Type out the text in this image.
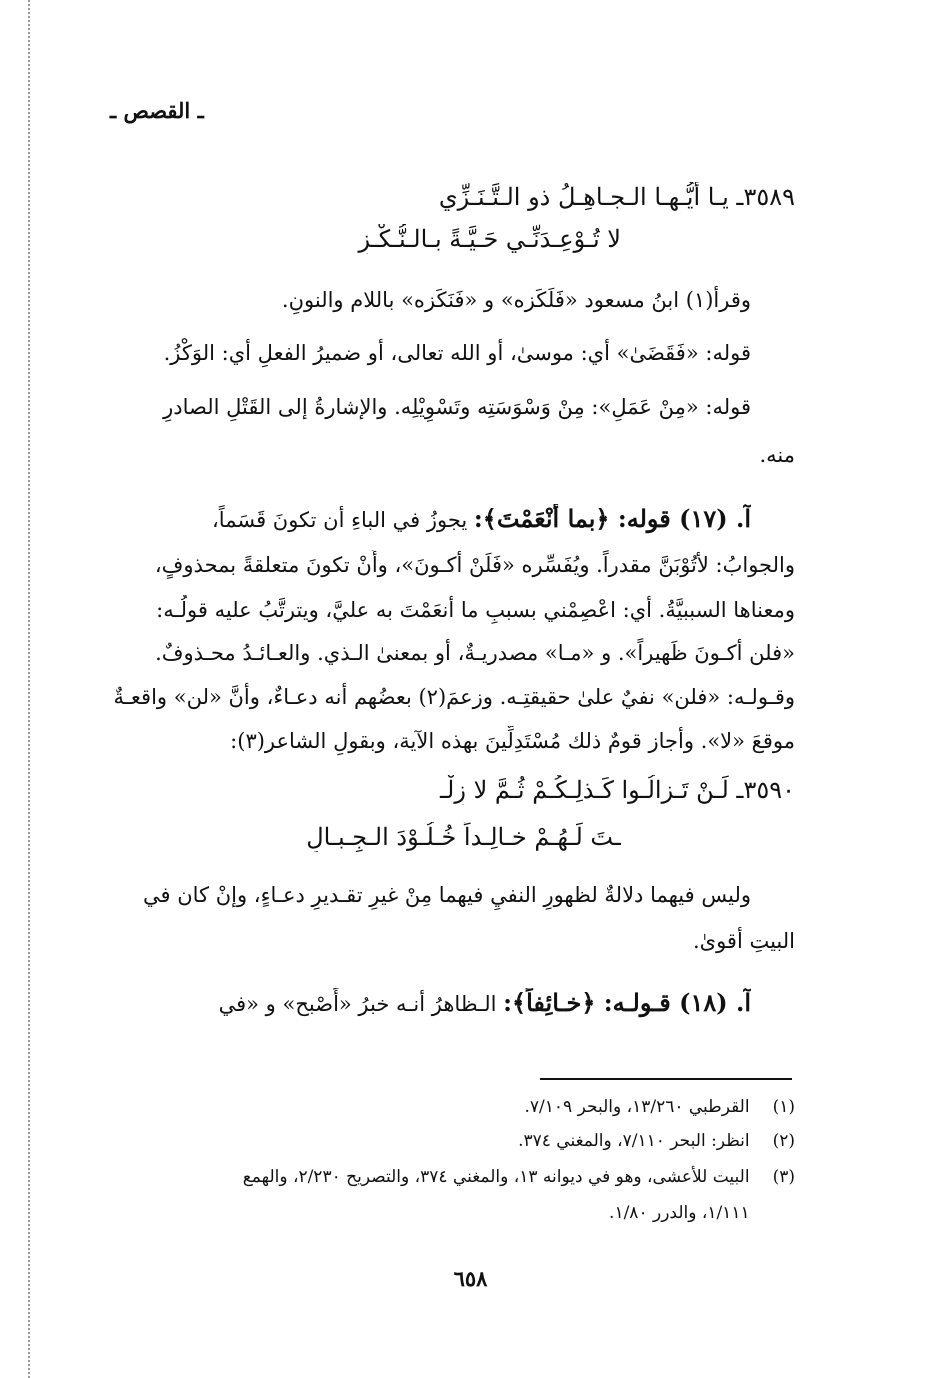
ـ القصص ـ
٣٥٨٩ـ يـا أَيُّـهـا الـجـاهِـلُ ذو الـتَّـنَـزِّي
لا تُـوْعِـدَنِّـي حَـيَّـةً بـالـنُّـكْـزِ
وقرأ(١) ابنُ مسعود «فَلَكَزه» و «فَنَكَزه» باللام والنونِ.
قوله: «فَقَضَىٰ» أي: موسىٰ، أو الله تعالى، أو ضميرُ الفعلِ أي: الوَكْزُ.
قوله: «مِنْ عَمَلِ»: مِنْ وَسْوَسَتِه وتَسْوِيْلِه. والإشارةُ إلى القَتْلِ الصادرِ
منه.
آ. (١٧) قوله: ﴿بما أنْعَمْتَ﴾: يجوزُ في الباءِ أن تكونَ قَسَماً،
والجوابُ: لأتُوْبَنَّ مقدراً. ويُفَسِّره «فَلَنْ أكـونَ»، وأَنْ تكونَ متعلقةً بمحذوفٍ،
ومعناها السببيَّةُ. أي: اعْصِمْني بسببِ ما أنعَمْتَ به عليَّ، ويترتَّبُ عليه قولُـه:
«فلن أكـونَ ظَهيراً». و «مـا» مصدريـةٌ، أو بمعنىٰ الـذي. والعـائـدُ محـذوفٌ.
وقـولـه: «فلن» نفيٌ علىٰ حقيقتِـه. وزعمَ(٢) بعضُهم أنه دعـاءٌ، وأنَّ «لن» واقعـةٌ
موقعَ «لا». وأجاز قومٌ ذلك مُسْتَدِلِّينَ بهذه الآية، وبقولِ الشاعر(٣):
٣٥٩٠ـ لَـنْ تَـزالُـوا كَـذلِـكُـمْ ثُـمَّ لا زِلْـ
ـتَ لَـهُـمْ خـالِـداً خُـلُـوْدَ الـجِـبـالِ
وليس فيهما دلالةٌ لظهورِ النفيِ فيهما مِنْ غيرِ تقـديرِ دعـاءٍ، وإنْ كان في
البيتِ أقوىٰ.
آ. (١٨) قـولـه: ﴿خـائِفاً﴾: الـظاهرُ أنـه خبرُ «أَصْبح» و «في
(١) القرطبي ١٣/٢٦٠، والبحر ٧/١٠٩.
(٢) انظر: البحر ٧/١١٠، والمغني ٣٧٤.
(٣) البيت للأعشى، وهو في ديوانه ١٣، والمغني ٣٧٤، والتصريح ٢/٢٣٠، والهمع
١/١١١، والدرر ١/٨٠.
٦٥٨
